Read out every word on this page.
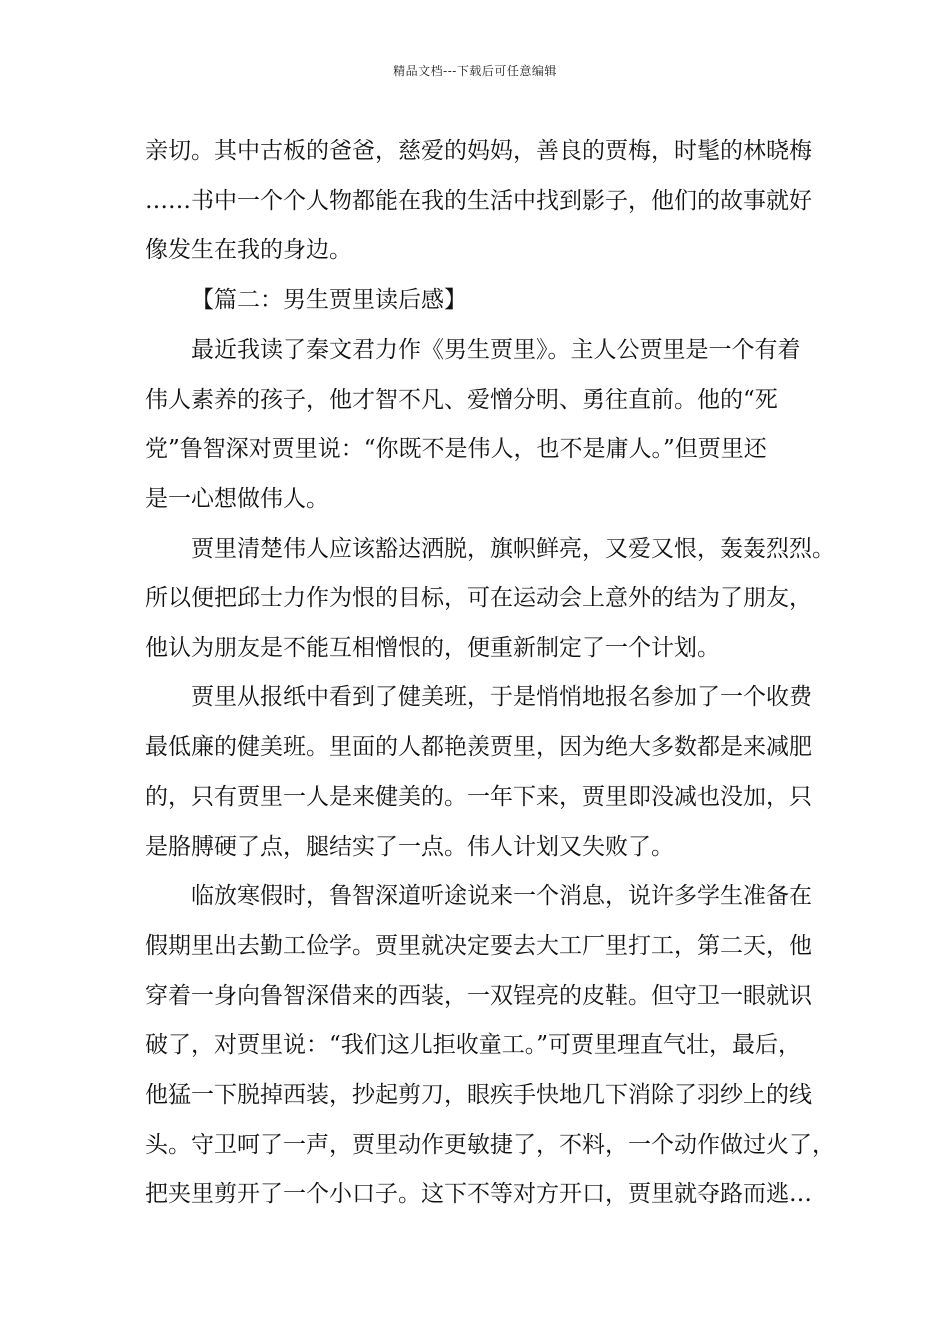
精品文档---下载后可任意编辑
亲切。其中古板的爸爸，慈爱的妈妈，善良的贾梅，时髦的林晓梅
……书中一个个人物都能在我的生活中找到影子，他们的故事就好
像发生在我的身边。
【篇二：男生贾里读后感】
最近我读了秦文君力作《男生贾里》。主人公贾里是一个有着
伟人素养的孩子，他才智不凡、爱憎分明、勇往直前。他的“死
党”鲁智深对贾里说：“你既不是伟人，也不是庸人。”但贾里还
是一心想做伟人。
贾里清楚伟人应该豁达洒脱，旗帜鲜亮，又爱又恨，轰轰烈烈。
所以便把邱士力作为恨的目标，可在运动会上意外的结为了朋友，
他认为朋友是不能互相憎恨的，便重新制定了一个计划。
贾里从报纸中看到了健美班，于是悄悄地报名参加了一个收费
最低廉的健美班。里面的人都艳羡贾里，因为绝大多数都是来减肥
的，只有贾里一人是来健美的。一年下来，贾里即没减也没加，只
是胳膊硬了点，腿结实了一点。伟人计划又失败了。
临放寒假时，鲁智深道听途说来一个消息，说许多学生准备在
假期里出去勤工俭学。贾里就决定要去大工厂里打工，第二天，他
穿着一身向鲁智深借来的西装，一双锃亮的皮鞋。但守卫一眼就识
破了，对贾里说：“我们这儿拒收童工。”可贾里理直气壮，最后，
他猛一下脱掉西装，抄起剪刀，眼疾手快地几下消除了羽纱上的线
头。守卫呵了一声，贾里动作更敏捷了，不料，一个动作做过火了，
把夹里剪开了一个小口子。这下不等对方开口，贾里就夺路而逃…
